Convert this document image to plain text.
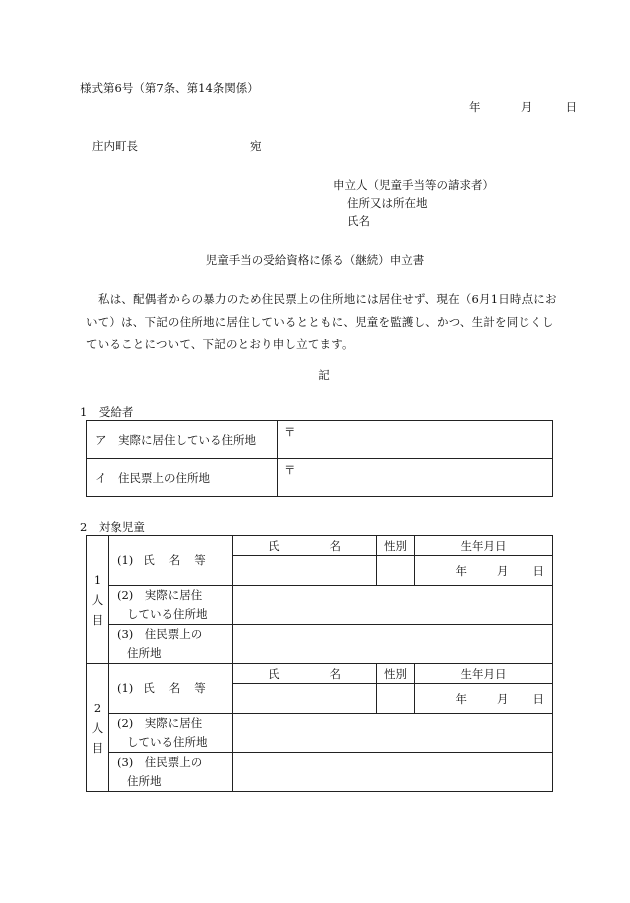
様式第6号（第7条、第14条関係）
年	月	日
庄内町長	宛
申立人（児童手当等の請求者）
住所又は所在地
氏名
児童手当の受給資格に係る（継続）申立書
私は、配偶者からの暴力のため住民票上の住所地には居住せず、現在（6月1日時点において）は、下記の住所地に居住しているとともに、児童を監護し、かつ、生計を同じくしていることについて、下記のとおり申し立てます。
記
1　受給者
ア　実際に居住している住所地	〒
イ　住民票上の住所地	〒
2　対象児童
1
人
目	(1) 氏 名 等	氏 名	性別	生年月日
				年 月 日

	(2)　実際に居住
している住所地			

	(3)　住民票上の
住所地			

2
人
目	(1) 氏 名 等	氏 名	性別	生年月日
				年 月 日

	(2)　実際に居住
している住所地			

	(3)　住民票上の
住所地			
